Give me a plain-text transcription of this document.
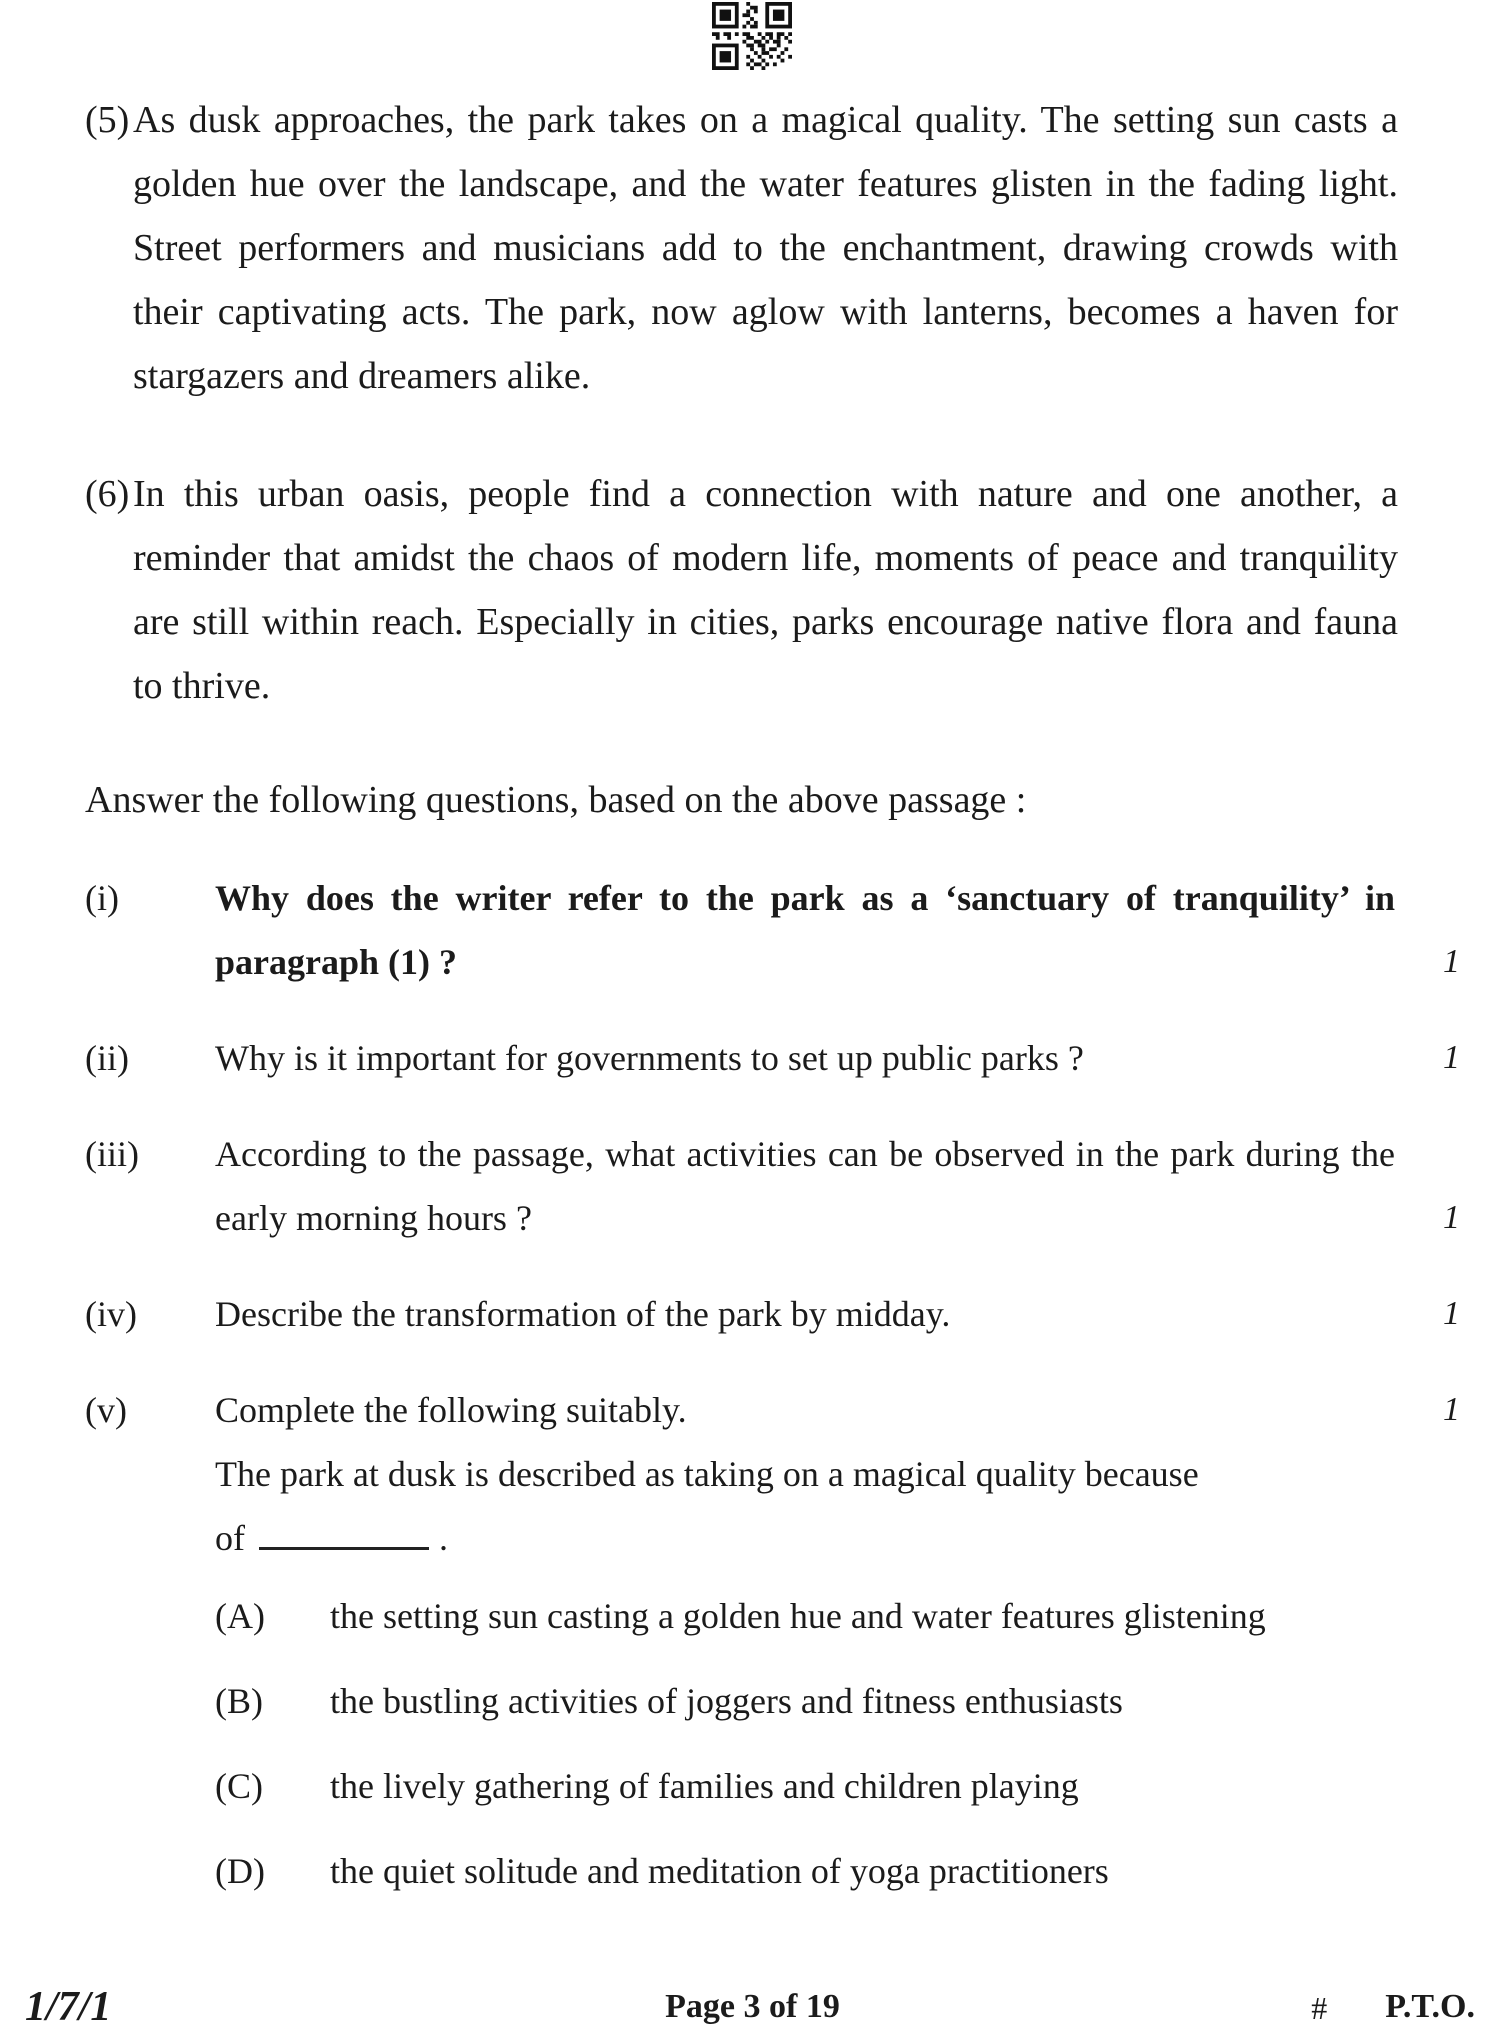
(5) As dusk approaches, the park takes on a magical quality. The setting sun casts a golden hue over the landscape, and the water features glisten in the fading light. Street performers and musicians add to the enchantment, drawing crowds with their captivating acts. The park, now aglow with lanterns, becomes a haven for stargazers and dreamers alike.
(6) In this urban oasis, people find a connection with nature and one another, a reminder that amidst the chaos of modern life, moments of peace and tranquility are still within reach. Especially in cities, parks encourage native flora and fauna to thrive.
Answer the following questions, based on the above passage :
(i)	Why does the writer refer to the park as a ‘sanctuary of tranquility’ in paragraph (1) ?	1
(ii)	Why is it important for governments to set up public parks ?	1
(iii)	According to the passage, what activities can be observed in the park during the early morning hours ?	1
(iv)	Describe the transformation of the park by midday.	1
(v)	Complete the following suitably.	1
The park at dusk is described as taking on a magical quality because
of	.
(A)	the setting sun casting a golden hue and water features glistening
(B)	the bustling activities of joggers and fitness enthusiasts
(C)	the lively gathering of families and children playing
(D)	the quiet solitude and meditation of yoga practitioners
1/7/1	Page 3 of 19	# P.T.O.
